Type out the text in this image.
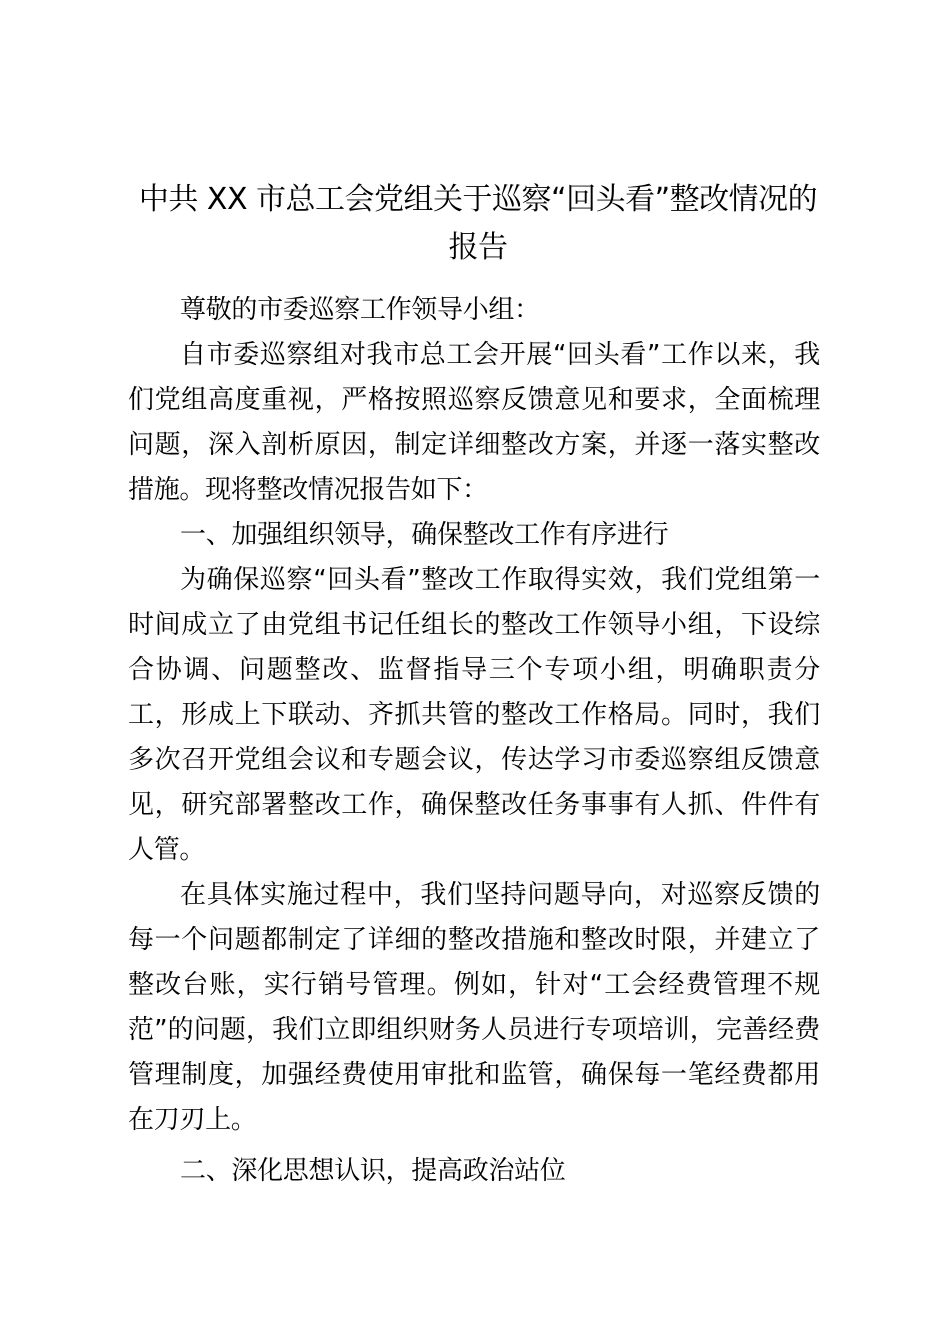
中共 XX 市总工会党组关于巡察“回头看”整改情况的报告

尊敬的市委巡察工作领导小组：

自市委巡察组对我市总工会开展“回头看”工作以来，我们党组高度重视，严格按照巡察反馈意见和要求，全面梳理问题，深入剖析原因，制定详细整改方案，并逐一落实整改措施。现将整改情况报告如下：

一、加强组织领导，确保整改工作有序进行

为确保巡察“回头看”整改工作取得实效，我们党组第一时间成立了由党组书记任组长的整改工作领导小组，下设综合协调、问题整改、监督指导三个专项小组，明确职责分工，形成上下联动、齐抓共管的整改工作格局。同时，我们多次召开党组会议和专题会议，传达学习市委巡察组反馈意见，研究部署整改工作，确保整改任务事事有人抓、件件有人管。

在具体实施过程中，我们坚持问题导向，对巡察反馈的每一个问题都制定了详细的整改措施和整改时限，并建立了整改台账，实行销号管理。例如，针对“工会经费管理不规范”的问题，我们立即组织财务人员进行专项培训，完善经费管理制度，加强经费使用审批和监管，确保每一笔经费都用在刀刃上。

二、深化思想认识，提高政治站位
